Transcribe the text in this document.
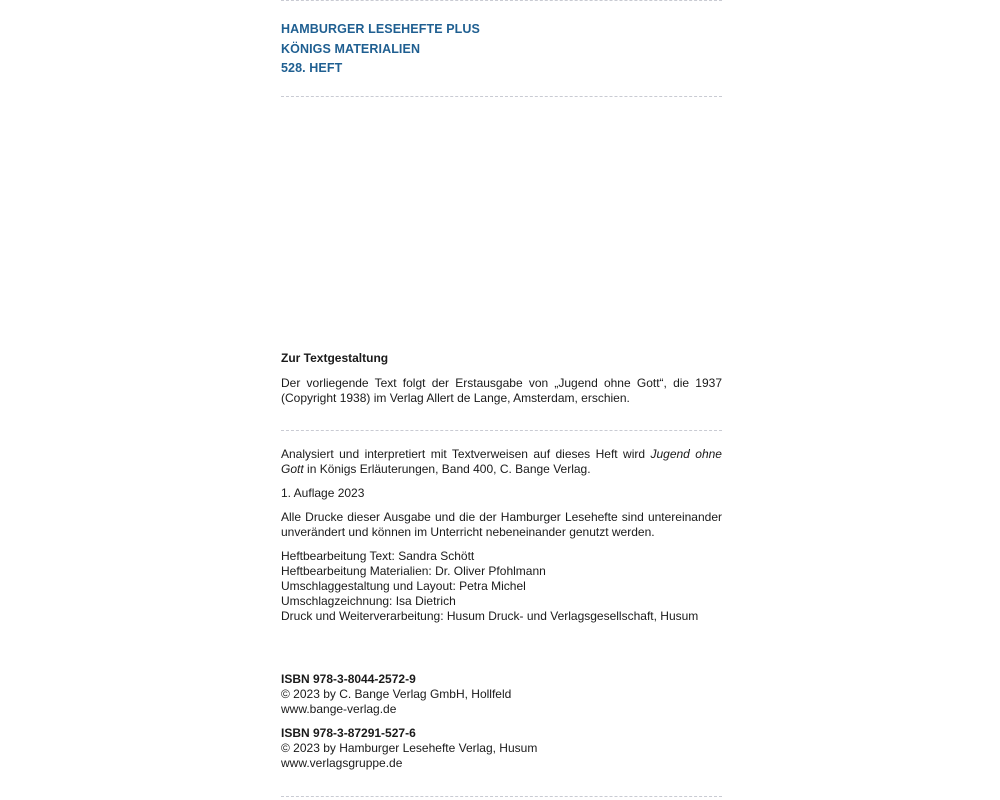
HAMBURGER LESEHEFTE PLUS
KÖNIGS MATERIALIEN
528. HEFT
Zur Textgestaltung

Der vorliegende Text folgt der Erstausgabe von „Jugend ohne Gott“, die 1937 (Copyright 1938) im Verlag Allert de Lange, Amsterdam, erschien.

Analysiert und interpretiert mit Textverweisen auf dieses Heft wird Jugend ohne Gott in Königs Erläuterungen, Band 400, C. Bange Verlag.

1. Auflage 2023

Alle Drucke dieser Ausgabe und die der Hamburger Lesehefte sind untereinander unverändert und können im Unterricht nebeneinander genutzt werden.

Heftbearbeitung Text: Sandra Schött

Heftbearbeitung Materialien: Dr. Oliver Pfohlmann

Umschlaggestaltung und Layout: Petra Michel

Umschlagzeichnung: Isa Dietrich

Druck und Weiterverarbeitung: Husum Druck- und Verlagsgesellschaft, Husum

ISBN 978-3-8044-2572-9

© 2023 by C. Bange Verlag GmbH, Hollfeld

www.bange-verlag.de

ISBN 978-3-87291-527-6

© 2023 by Hamburger Lesehefte Verlag, Husum

www.verlagsgruppe.de
